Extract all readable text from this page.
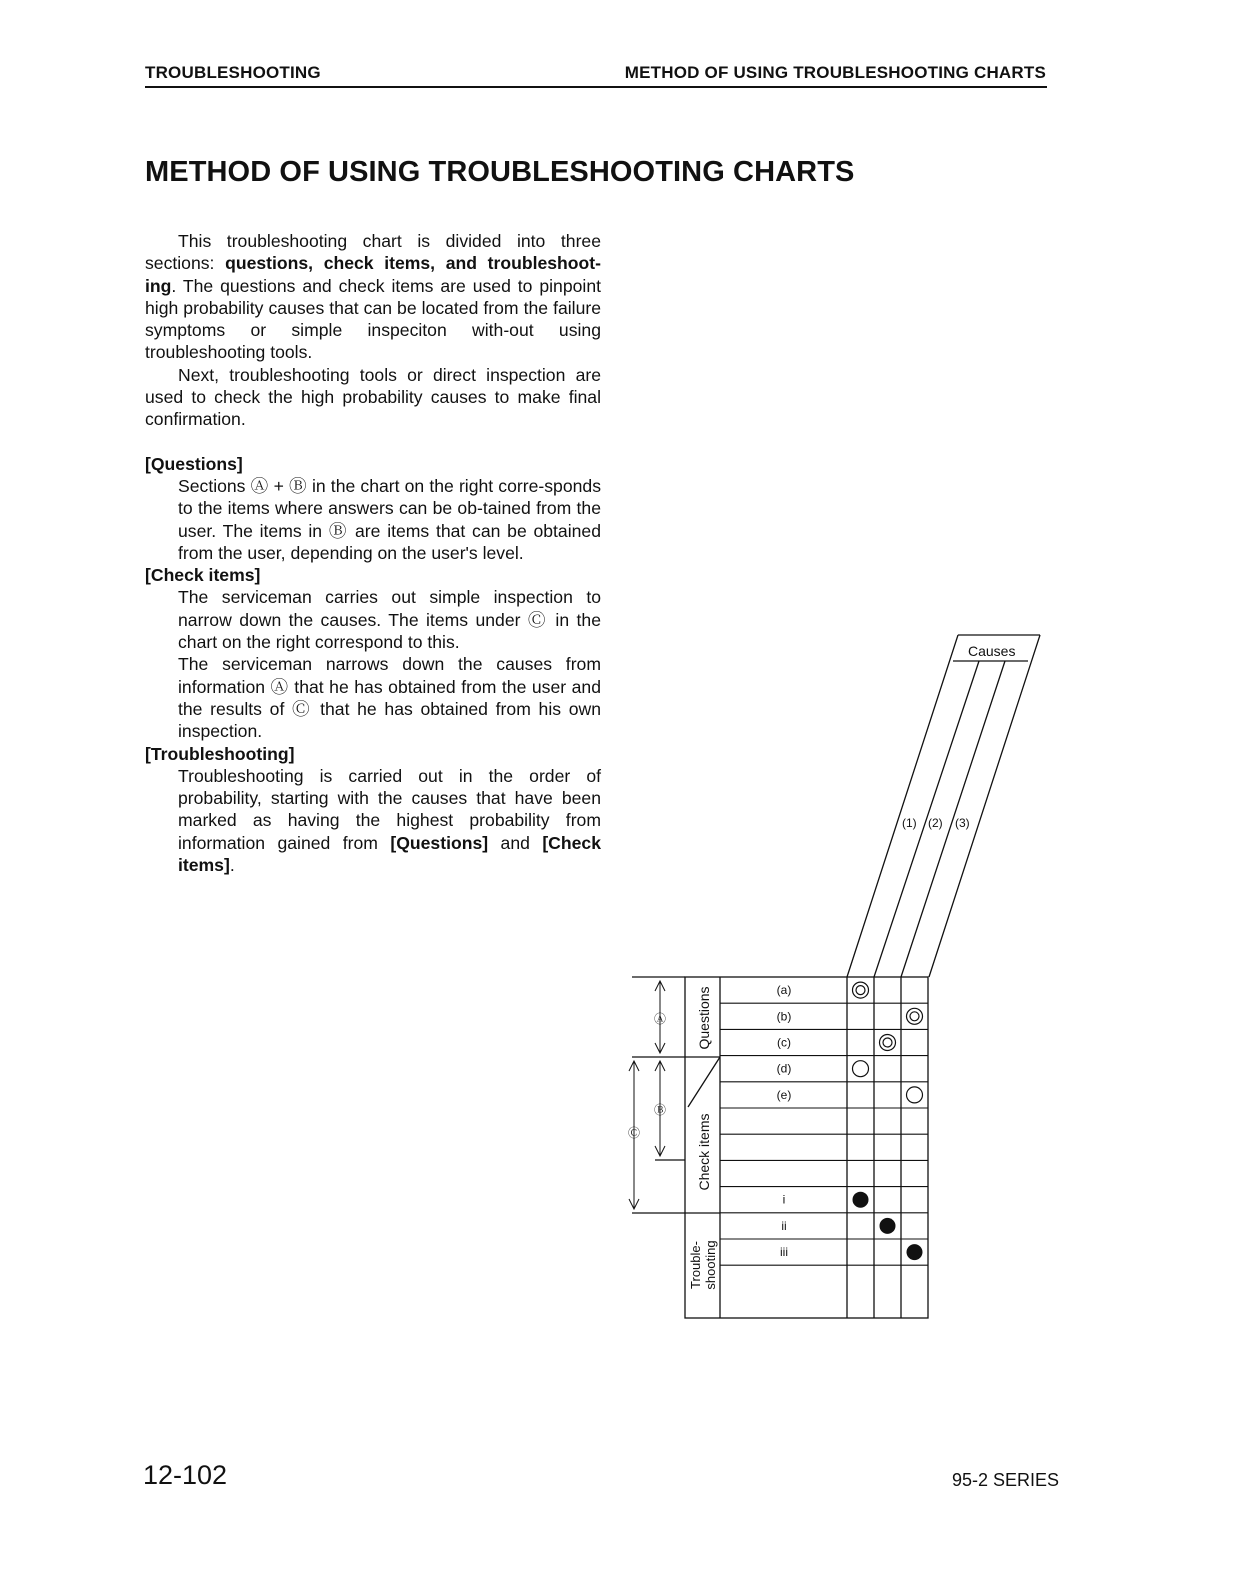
TROUBLESHOOTING	METHOD OF USING TROUBLESHOOTING CHARTS
METHOD OF USING TROUBLESHOOTING CHARTS

This troubleshooting chart is divided into three sections: questions, check items, and troubleshoot-ing. The questions and check items are used to pinpoint high probability causes that can be located from the failure symptoms or simple inspeciton with-out using troubleshooting tools.

Next, troubleshooting tools or direct inspection are used to check the high probability causes to make final confirmation.

[Questions]

Sections Ⓐ + Ⓑ in the chart on the right corre-sponds to the items where answers can be ob-tained from the user. The items in Ⓑ are items that can be obtained from the user, depending on the user's level.

[Check items]

The serviceman carries out simple inspection to narrow down the causes. The items under Ⓒ in the chart on the right correspond to this.

The serviceman narrows down the causes from information Ⓐ that he has obtained from the user and the results of Ⓒ that he has obtained from his own inspection.

[Troubleshooting]

Troubleshooting is carried out in the order of probability, starting with the causes that have been marked as having the highest probability from information gained from [Questions] and [Check items].

Causes
(1) (2) (3)
Ⓐ
Ⓑ
Ⓒ
Questions
Check items
Trouble- shooting
(a)
(b)
(c)
(d)
(e)
i
ii
iii
12-102	95-2 SERIES
